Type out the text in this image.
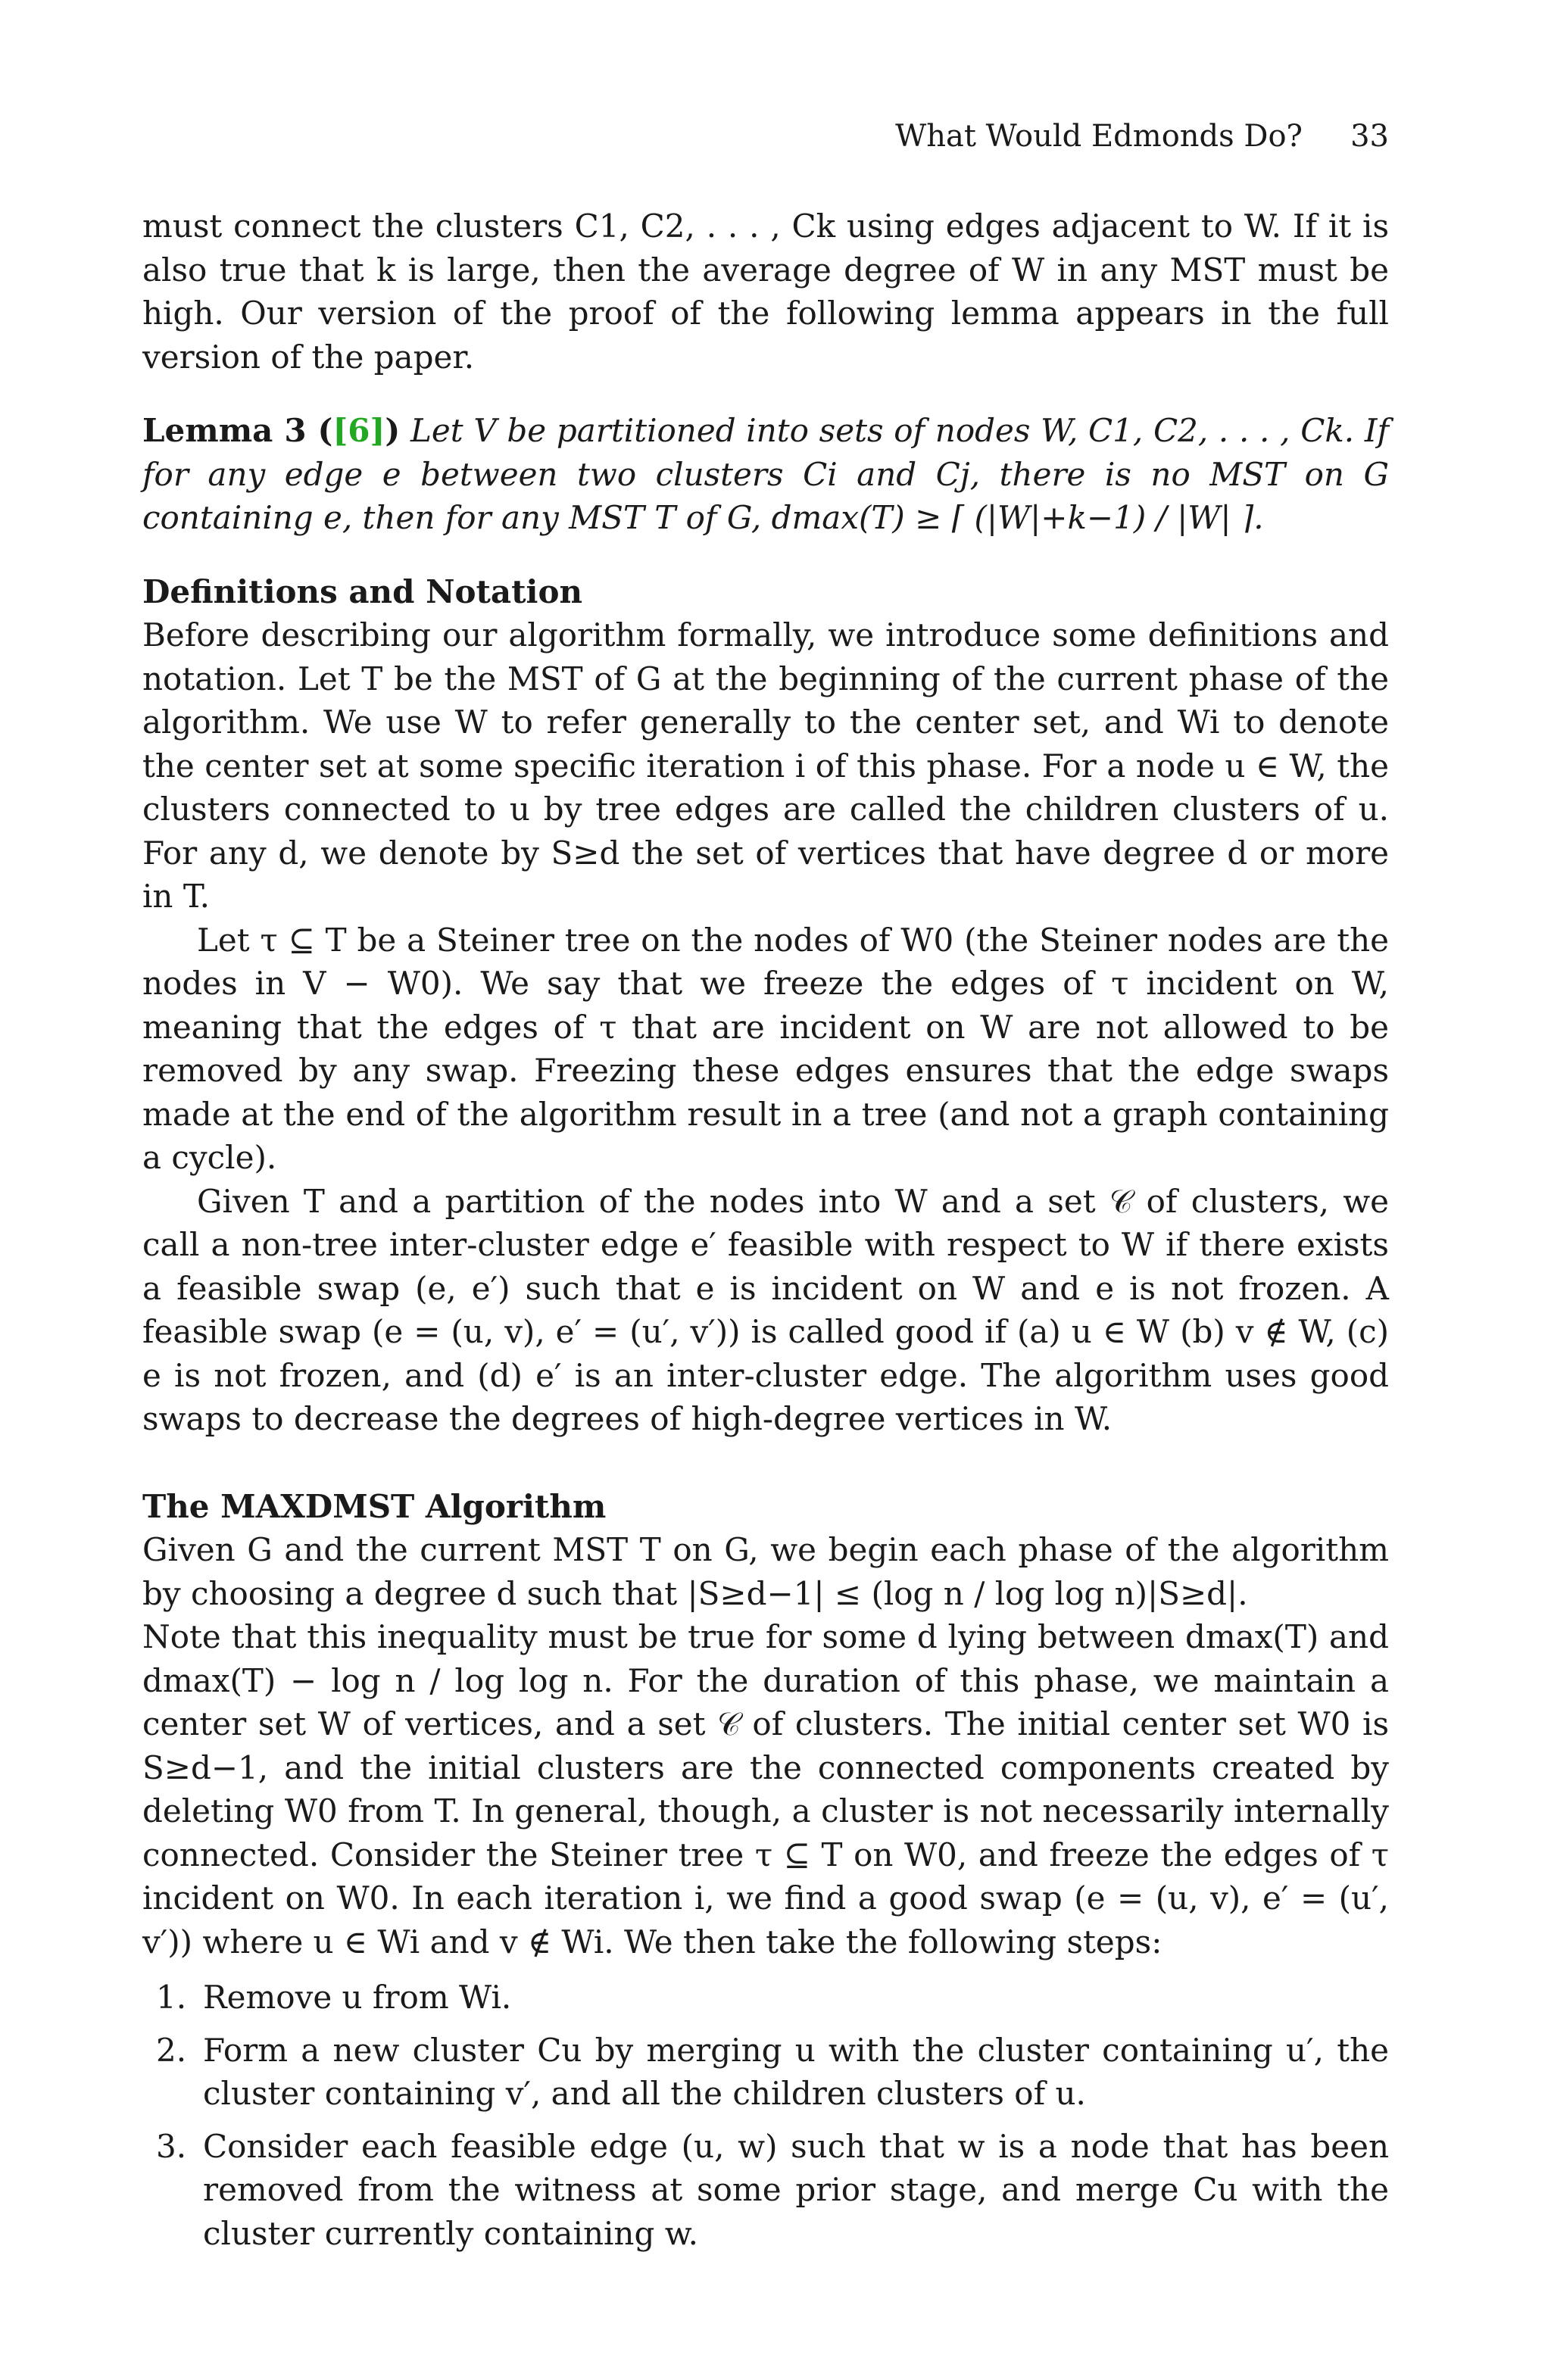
What Would Edmonds Do? 33

must connect the clusters C1, C2, . . . , Ck using edges adjacent to W. If it is also true that k is large, then the average degree of W in any MST must be high. Our version of the proof of the following lemma appears in the full version of the paper.

Lemma 3 ([6]) Let V be partitioned into sets of nodes W, C1, C2, . . . , Ck. If for any edge e between two clusters Ci and Cj, there is no MST on G containing e, then for any MST T of G, dmax(T) ≥ ⌈ (|W|+k−1) / |W| ⌉.

Definitions and Notation

Before describing our algorithm formally, we introduce some definitions and notation. Let T be the MST of G at the beginning of the current phase of the algorithm. We use W to refer generally to the center set, and Wi to denote the center set at some specific iteration i of this phase. For a node u ∈ W, the clusters connected to u by tree edges are called the children clusters of u. For any d, we denote by S≥d the set of vertices that have degree d or more in T.

Let τ ⊆ T be a Steiner tree on the nodes of W0 (the Steiner nodes are the nodes in V − W0). We say that we freeze the edges of τ incident on W, meaning that the edges of τ that are incident on W are not allowed to be removed by any swap. Freezing these edges ensures that the edge swaps made at the end of the algorithm result in a tree (and not a graph containing a cycle).

Given T and a partition of the nodes into W and a set 𝒞 of clusters, we call a non-tree inter-cluster edge e′ feasible with respect to W if there exists a feasible swap (e, e′) such that e is incident on W and e is not frozen. A feasible swap (e = (u, v), e′ = (u′, v′)) is called good if (a) u ∈ W (b) v ∉ W, (c) e is not frozen, and (d) e′ is an inter-cluster edge. The algorithm uses good swaps to decrease the degrees of high-degree vertices in W.

The MAXDMST Algorithm

Given G and the current MST T on G, we begin each phase of the algorithm by choosing a degree d such that |S≥d−1| ≤ (log n / log log n)|S≥d|.

Note that this inequality must be true for some d lying between dmax(T) and dmax(T) − log n / log log n. For the duration of this phase, we maintain a center set W of vertices, and a set 𝒞 of clusters. The initial center set W0 is S≥d−1, and the initial clusters are the connected components created by deleting W0 from T. In general, though, a cluster is not necessarily internally connected. Consider the Steiner tree τ ⊆ T on W0, and freeze the edges of τ incident on W0. In each iteration i, we find a good swap (e = (u, v), e′ = (u′, v′)) where u ∈ Wi and v ∉ Wi. We then take the following steps:

1. Remove u from Wi.
2. Form a new cluster Cu by merging u with the cluster containing u′, the cluster containing v′, and all the children clusters of u.
3. Consider each feasible edge (u, w) such that w is a node that has been removed from the witness at some prior stage, and merge Cu with the cluster currently containing w.
